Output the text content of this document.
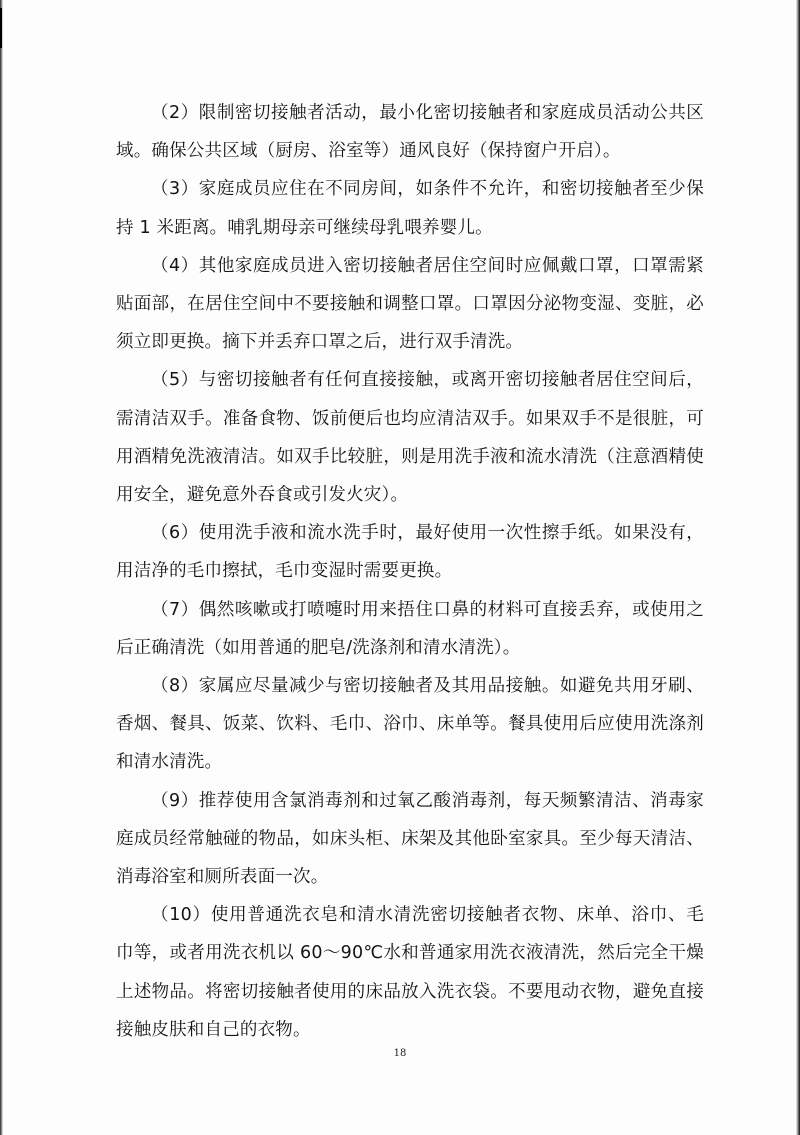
（2）限制密切接触者活动，最小化密切接触者和家庭成员活动公共区域。确保公共区域（厨房、浴室等）通风良好（保持窗户开启）。

（3）家庭成员应住在不同房间，如条件不允许，和密切接触者至少保持 1 米距离。哺乳期母亲可继续母乳喂养婴儿。

（4）其他家庭成员进入密切接触者居住空间时应佩戴口罩，口罩需紧贴面部，在居住空间中不要接触和调整口罩。口罩因分泌物变湿、变脏，必须立即更换。摘下并丢弃口罩之后，进行双手清洗。

（5）与密切接触者有任何直接接触，或离开密切接触者居住空间后，需清洁双手。准备食物、饭前便后也均应清洁双手。如果双手不是很脏，可用酒精免洗液清洁。如双手比较脏，则是用洗手液和流水清洗（注意酒精使用安全，避免意外吞食或引发火灾）。

（6）使用洗手液和流水洗手时，最好使用一次性擦手纸。如果没有，用洁净的毛巾擦拭，毛巾变湿时需要更换。

（7）偶然咳嗽或打喷嚏时用来捂住口鼻的材料可直接丢弃，或使用之后正确清洗（如用普通的肥皂/洗涤剂和清水清洗）。

（8）家属应尽量减少与密切接触者及其用品接触。如避免共用牙刷、香烟、餐具、饭菜、饮料、毛巾、浴巾、床单等。餐具使用后应使用洗涤剂和清水清洗。

（9）推荐使用含氯消毒剂和过氧乙酸消毒剂，每天频繁清洁、消毒家庭成员经常触碰的物品，如床头柜、床架及其他卧室家具。至少每天清洁、消毒浴室和厕所表面一次。

（10）使用普通洗衣皂和清水清洗密切接触者衣物、床单、浴巾、毛巾等，或者用洗衣机以 60～90℃水和普通家用洗衣液清洗，然后完全干燥上述物品。将密切接触者使用的床品放入洗衣袋。不要甩动衣物，避免直接接触皮肤和自己的衣物。

18
